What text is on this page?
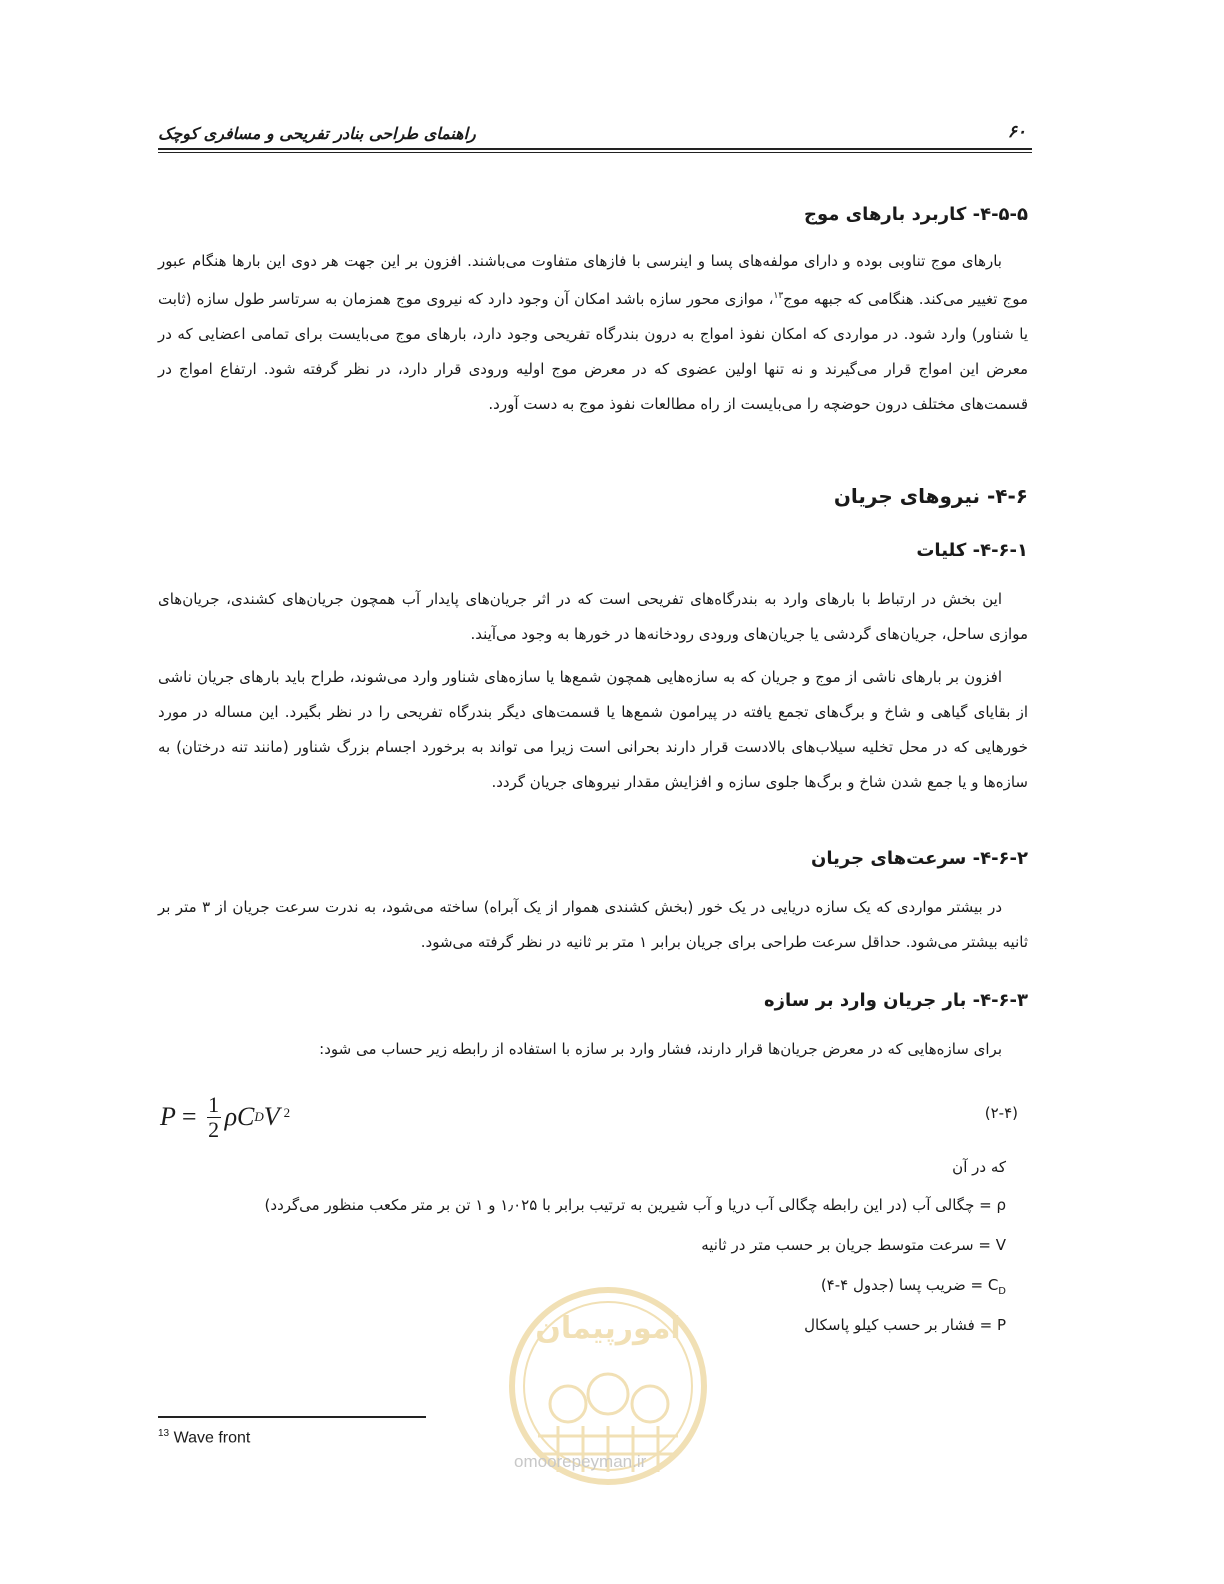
راهنمای طراحی بنادر تفریحی و مسافری کوچک	۶۰
۴-۵-۵- کاربرد بارهای موج
بارهای موج تناوبی بوده و دارای مولفه‌های پسا و اینرسی با فازهای متفاوت می‌باشند. افزون بر این جهت هر دوی این بارها هنگام عبور موج تغییر می‌کند. هنگامی که جبهه موج$^{۱۳}$، موازی محور سازه باشد امکان آن وجود دارد که نیروی موج همزمان به سرتاسر طول سازه (ثابت یا شناور) وارد شود. در مواردی که امکان نفوذ امواج به درون بندرگاه تفریحی وجود دارد، بارهای موج می‌بایست برای تمامی اعضایی که در معرض این امواج قرار می‌گیرند و نه تنها اولین عضوی که در معرض موج اولیه ورودی قرار دارد، در نظر گرفته شود. ارتفاع امواج در قسمت‌های مختلف درون حوضچه را می‌بایست از راه مطالعات نفوذ موج به دست آورد.
۴-۶- نیروهای جریان
۴-۶-۱- کلیات
این بخش در ارتباط با بارهای وارد به بندرگاه‌های تفریحی است که در اثر جریان‌های پایدار آب همچون جریان‌های کشندی، جریان‌های موازی ساحل، جریان‌های گردشی یا جریان‌های ورودی رودخانه‌ها در خورها به وجود می‌آیند.
افزون بر بارهای ناشی از موج و جریان که به سازه‌هایی همچون شمع‌ها یا سازه‌های شناور وارد می‌شوند، طراح باید بارهای جریان ناشی از بقایای گیاهی و شاخ و برگ‌های تجمع یافته در پیرامون شمع‌ها یا قسمت‌های دیگر بندرگاه تفریحی را در نظر بگیرد. این مساله در مورد خورهایی که در محل تخلیه سیلاب‌های بالادست قرار دارند بحرانی است زیرا می تواند به برخورد اجسام بزرگ شناور (مانند تنه درختان) به سازه‌ها و یا جمع شدن شاخ و برگ‌ها جلوی سازه و افزایش مقدار نیروهای جریان گردد.
۴-۶-۲- سرعت‌های جریان
در بیشتر مواردی که یک سازه دریایی در یک خور (بخش کشندی هموار از یک آبراه) ساخته می‌شود، به ندرت سرعت جریان از ۳ متر بر ثانیه بیشتر می‌شود. حداقل سرعت طراحی برای جریان برابر ۱ متر بر ثانیه در نظر گرفته می‌شود.
۴-۶-۳- بار جریان وارد بر سازه
برای سازه‌هایی که در معرض جریان‌ها قرار دارند، فشار وارد بر سازه با استفاده از رابطه زیر حساب می شود:
$P = \frac{1}{2}$ ρ C D V $^2$	(۲-۴)
که در آن
ρ = چگالی آب (در این رابطه چگالی آب دریا و آب شیرین به ترتیب برابر با ۱٫۰۲۵ و ۱ تن بر متر مکعب منظور می‌گردد)
V = سرعت متوسط جریان بر حسب متر در ثانیه
$C_D$ = ضریب پسا (جدول ۴-۴)
P = فشار بر حسب کیلو پاسکال
امورپیمان
omoorepeyman.ir
$^{13}$ Wave front
